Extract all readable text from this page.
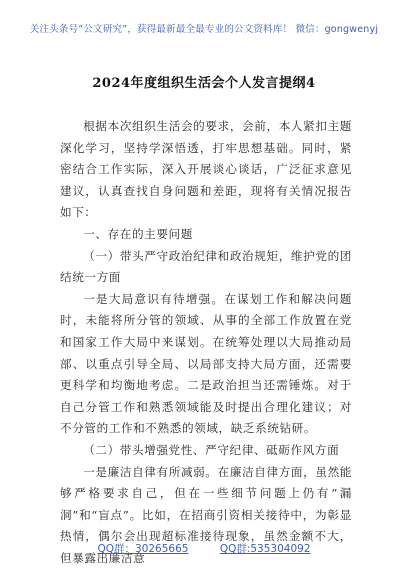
关注头条号“公文研究”，获得最新最全最专业的公文资料库！ 微信：gongwenyj
2024年度组织生活会个人发言提纲4

根据本次组织生活会的要求，会前，本人紧扣主题深化学习，坚持学深悟透，打牢思想基础。同时，紧密结合工作实际，深入开展谈心谈话，广泛征求意见建议，认真查找自身问题和差距，现将有关情况报告如下：

一、存在的主要问题

（一）带头严守政治纪律和政治规矩，维护党的团结统一方面

一是大局意识有待增强。在谋划工作和解决问题时，未能将所分管的领域、从事的全部工作放置在党和国家工作大局中来谋划。在统筹处理以大局推动局部、以重点引导全局、以局部支持大局方面，还需要更科学和均衡地考虑。二是政治担当还需锤炼。对于自己分管工作和熟悉领域能及时提出合理化建议；对不分管的工作和不熟悉的领域，缺乏系统钻研。

（二）带头增强党性、严守纪律、砥砺作风方面

一是廉洁自律有所减弱。在廉洁自律方面，虽然能够严格要求自己，但在一些细节问题上仍有“漏洞”和“盲点”。比如，在招商引资相关接待中，为彰显热情，偶尔会出现超标准接待现象，虽然金额不大，但暴露出廉洁意

QQ群：30265665	QQ群:535304092
